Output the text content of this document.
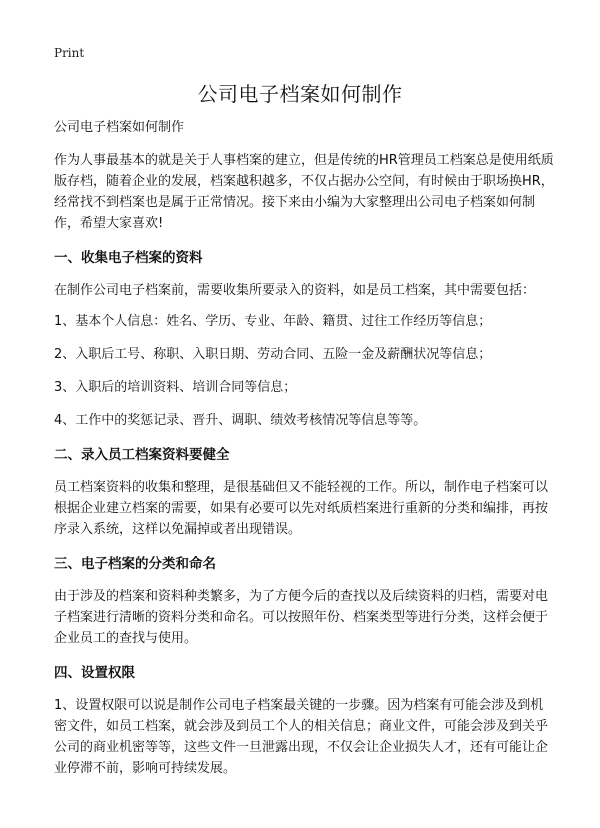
Print
公司电子档案如何制作

公司电子档案如何制作

作为人事最基本的就是关于人事档案的建立，但是传统的HR管理员工档案总是使用纸质版存档，随着企业的发展，档案越积越多，不仅占据办公空间，有时候由于职场换HR，经常找不到档案也是属于正常情况。接下来由小编为大家整理出公司电子档案如何制作，希望大家喜欢!

一、收集电子档案的资料

在制作公司电子档案前，需要收集所要录入的资料，如是员工档案，其中需要包括：

1、基本个人信息：姓名、学历、专业、年龄、籍贯、过往工作经历等信息；

2、入职后工号、称职、入职日期、劳动合同、五险一金及薪酬状况等信息；

3、入职后的培训资料、培训合同等信息；

4、工作中的奖惩记录、晋升、调职、绩效考核情况等信息等等。

二、录入员工档案资料要健全

员工档案资料的收集和整理，是很基础但又不能轻视的工作。所以，制作电子档案可以根据企业建立档案的需要，如果有必要可以先对纸质档案进行重新的分类和编排，再按序录入系统，这样以免漏掉或者出现错误。

三、电子档案的分类和命名

由于涉及的档案和资料种类繁多，为了方便今后的查找以及后续资料的归档，需要对电子档案进行清晰的资料分类和命名。可以按照年份、档案类型等进行分类，这样会便于企业员工的查找与使用。

四、设置权限

1、设置权限可以说是制作公司电子档案最关键的一步骤。因为档案有可能会涉及到机密文件，如员工档案，就会涉及到员工个人的相关信息；商业文件，可能会涉及到关乎公司的商业机密等等，这些文件一旦泄露出现，不仅会让企业损失人才，还有可能让企业停滞不前，影响可持续发展。
